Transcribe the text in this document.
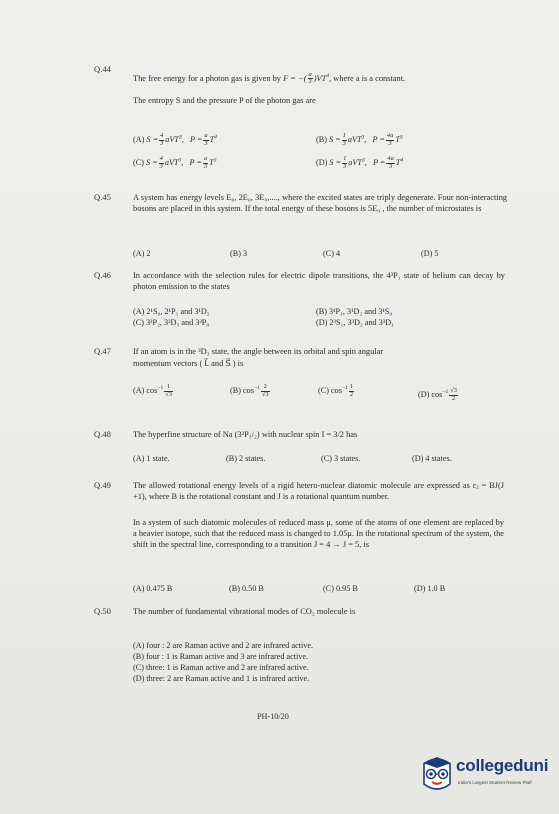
Q.44
The free energy for a photon gas is given by F = −( $\frac{a}{3} )VT^4$, where a is a constant.
The entropy S and the pressure P of the photon gas are
(A) $S = \frac{4}{3} aVT^3$,   $P = \frac{a}{3} T^4$	(B) $S = \frac{1}{3} aVT^3$,   $P = \frac{4a}{3} T^3$
(C) $S = \frac{4}{3} aVT^3$,   $P = \frac{a}{3} T^3$	(D) $S = \frac{1}{3} aVT^3$,   $P = \frac{4a}{3} T^4$
Q.45	A system has energy levels E₀, 2E₀, 3E₀,...., where the excited states are triply degenerate. Four non-interacting bosons are placed in this system. If the total energy of these bosons is 5E₀ , the number of microstates is
(A) 2	(B) 3	(C) 4	(D) 5
Q.46	In accordance with the selection rules for electric dipole transitions, the 4³P₁ state of helium can decay by photon emission to the states
(A) 2¹S₀, 2¹P₁ and 3¹D₂	(B) 3¹P₁, 3¹D₂ and 3¹S₀
(C) 3³P₂, 3³D₃ and 3³P₀	(D) 2³S₁, 3³D₂ and 3³D₁
Q.47	If an atom is in the ³D₃ state, the angle between its orbital and spin angular
momentum vectors ( L⃗ and S⃗ ) is
(A) $\cos^{-1} \frac{1}{√3}$	(B) $\cos^{-1} \frac{2}{√3}$	(C) $\cos^{-1} \frac{1}{2}$	(D) $\cos^{-1} \frac{√3}{2}$
Q.48	The hyperfine structure of Na (3²P₃/₂) with nuclear spin I = 3/2 has
(A) 1 state.	(B) 2 states.	(C) 3 states.	(D) 4 states.
Q.49	The allowed rotational energy levels of a rigid hetero-nuclear diatomic molecule are expressed as εⱼ = BJ(J +1), where B is the rotational constant and J is a rotational quantum number.
In a system of such diatomic molecules of reduced mass μ, some of the atoms of one element are replaced by a heavier isotope, such that the reduced mass is changed to 1.05μ. In the rotational spectrum of the system, the shift in the spectral line, corresponding to a transition J = 4 → J = 5, is
(A) 0.475 B	(B) 0.50 B	(C) 0.95 B	(D) 1.0 B
Q.50	The number of fundamental vibrational modes of CO₂ molecule is
(A) four : 2 are Raman active and 2 are infrared active.
(B) four : 1 is Raman active and 3 are infrared active.
(C) three: 1 is Raman active and 2 are infrared active.
(D) three: 2 are Raman active and 1 is infrared active.
PH-10/20
collegeduni
India's Largest Student Review Platf
